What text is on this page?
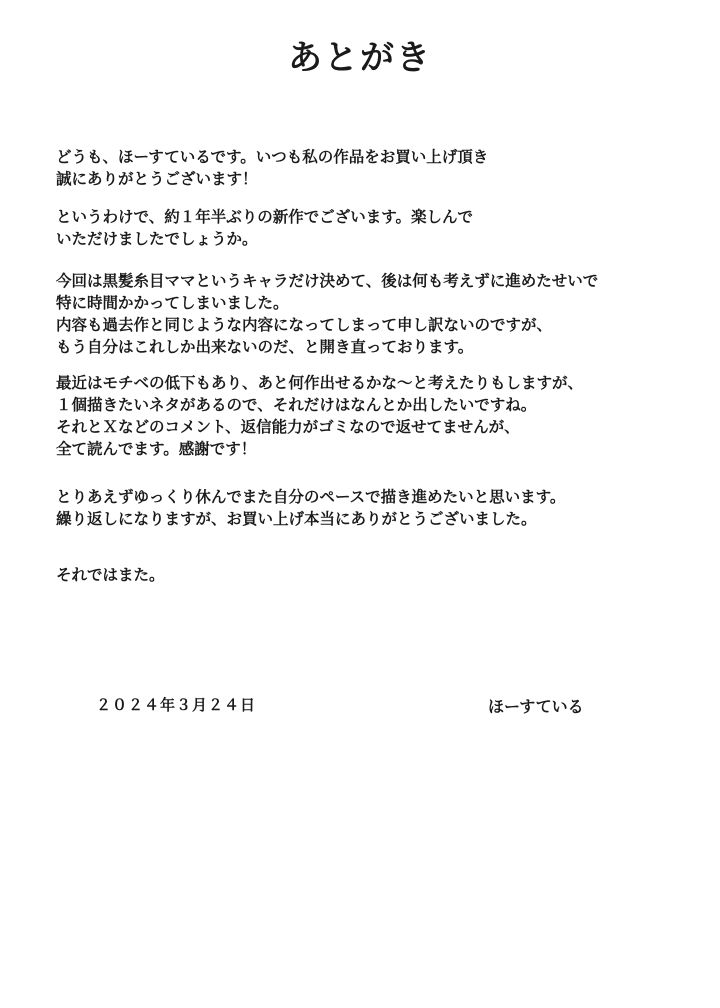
あとがき
どうも、ほーすているです。いつも私の作品をお買い上げ頂き
誠にありがとうございます！
というわけで、約１年半ぶりの新作でございます。楽しんで
いただけましたでしょうか。
今回は黒髪糸目ママというキャラだけ決めて、後は何も考えずに進めたせいで
特に時間かかってしまいました。
内容も過去作と同じような内容になってしまって申し訳ないのですが、
もう自分はこれしか出来ないのだ、と開き直っております。
最近はモチベの低下もあり、あと何作出せるかな～と考えたりもしますが、
１個描きたいネタがあるので、それだけはなんとか出したいですね。
それとＸなどのコメント、返信能力がゴミなので返せてませんが、
全て読んでます。感謝です！
とりあえずゆっくり休んでまた自分のペースで描き進めたいと思います。
繰り返しになりますが、お買い上げ本当にありがとうございました。
それではまた。
２０２４年３月２４日	ほーすている
